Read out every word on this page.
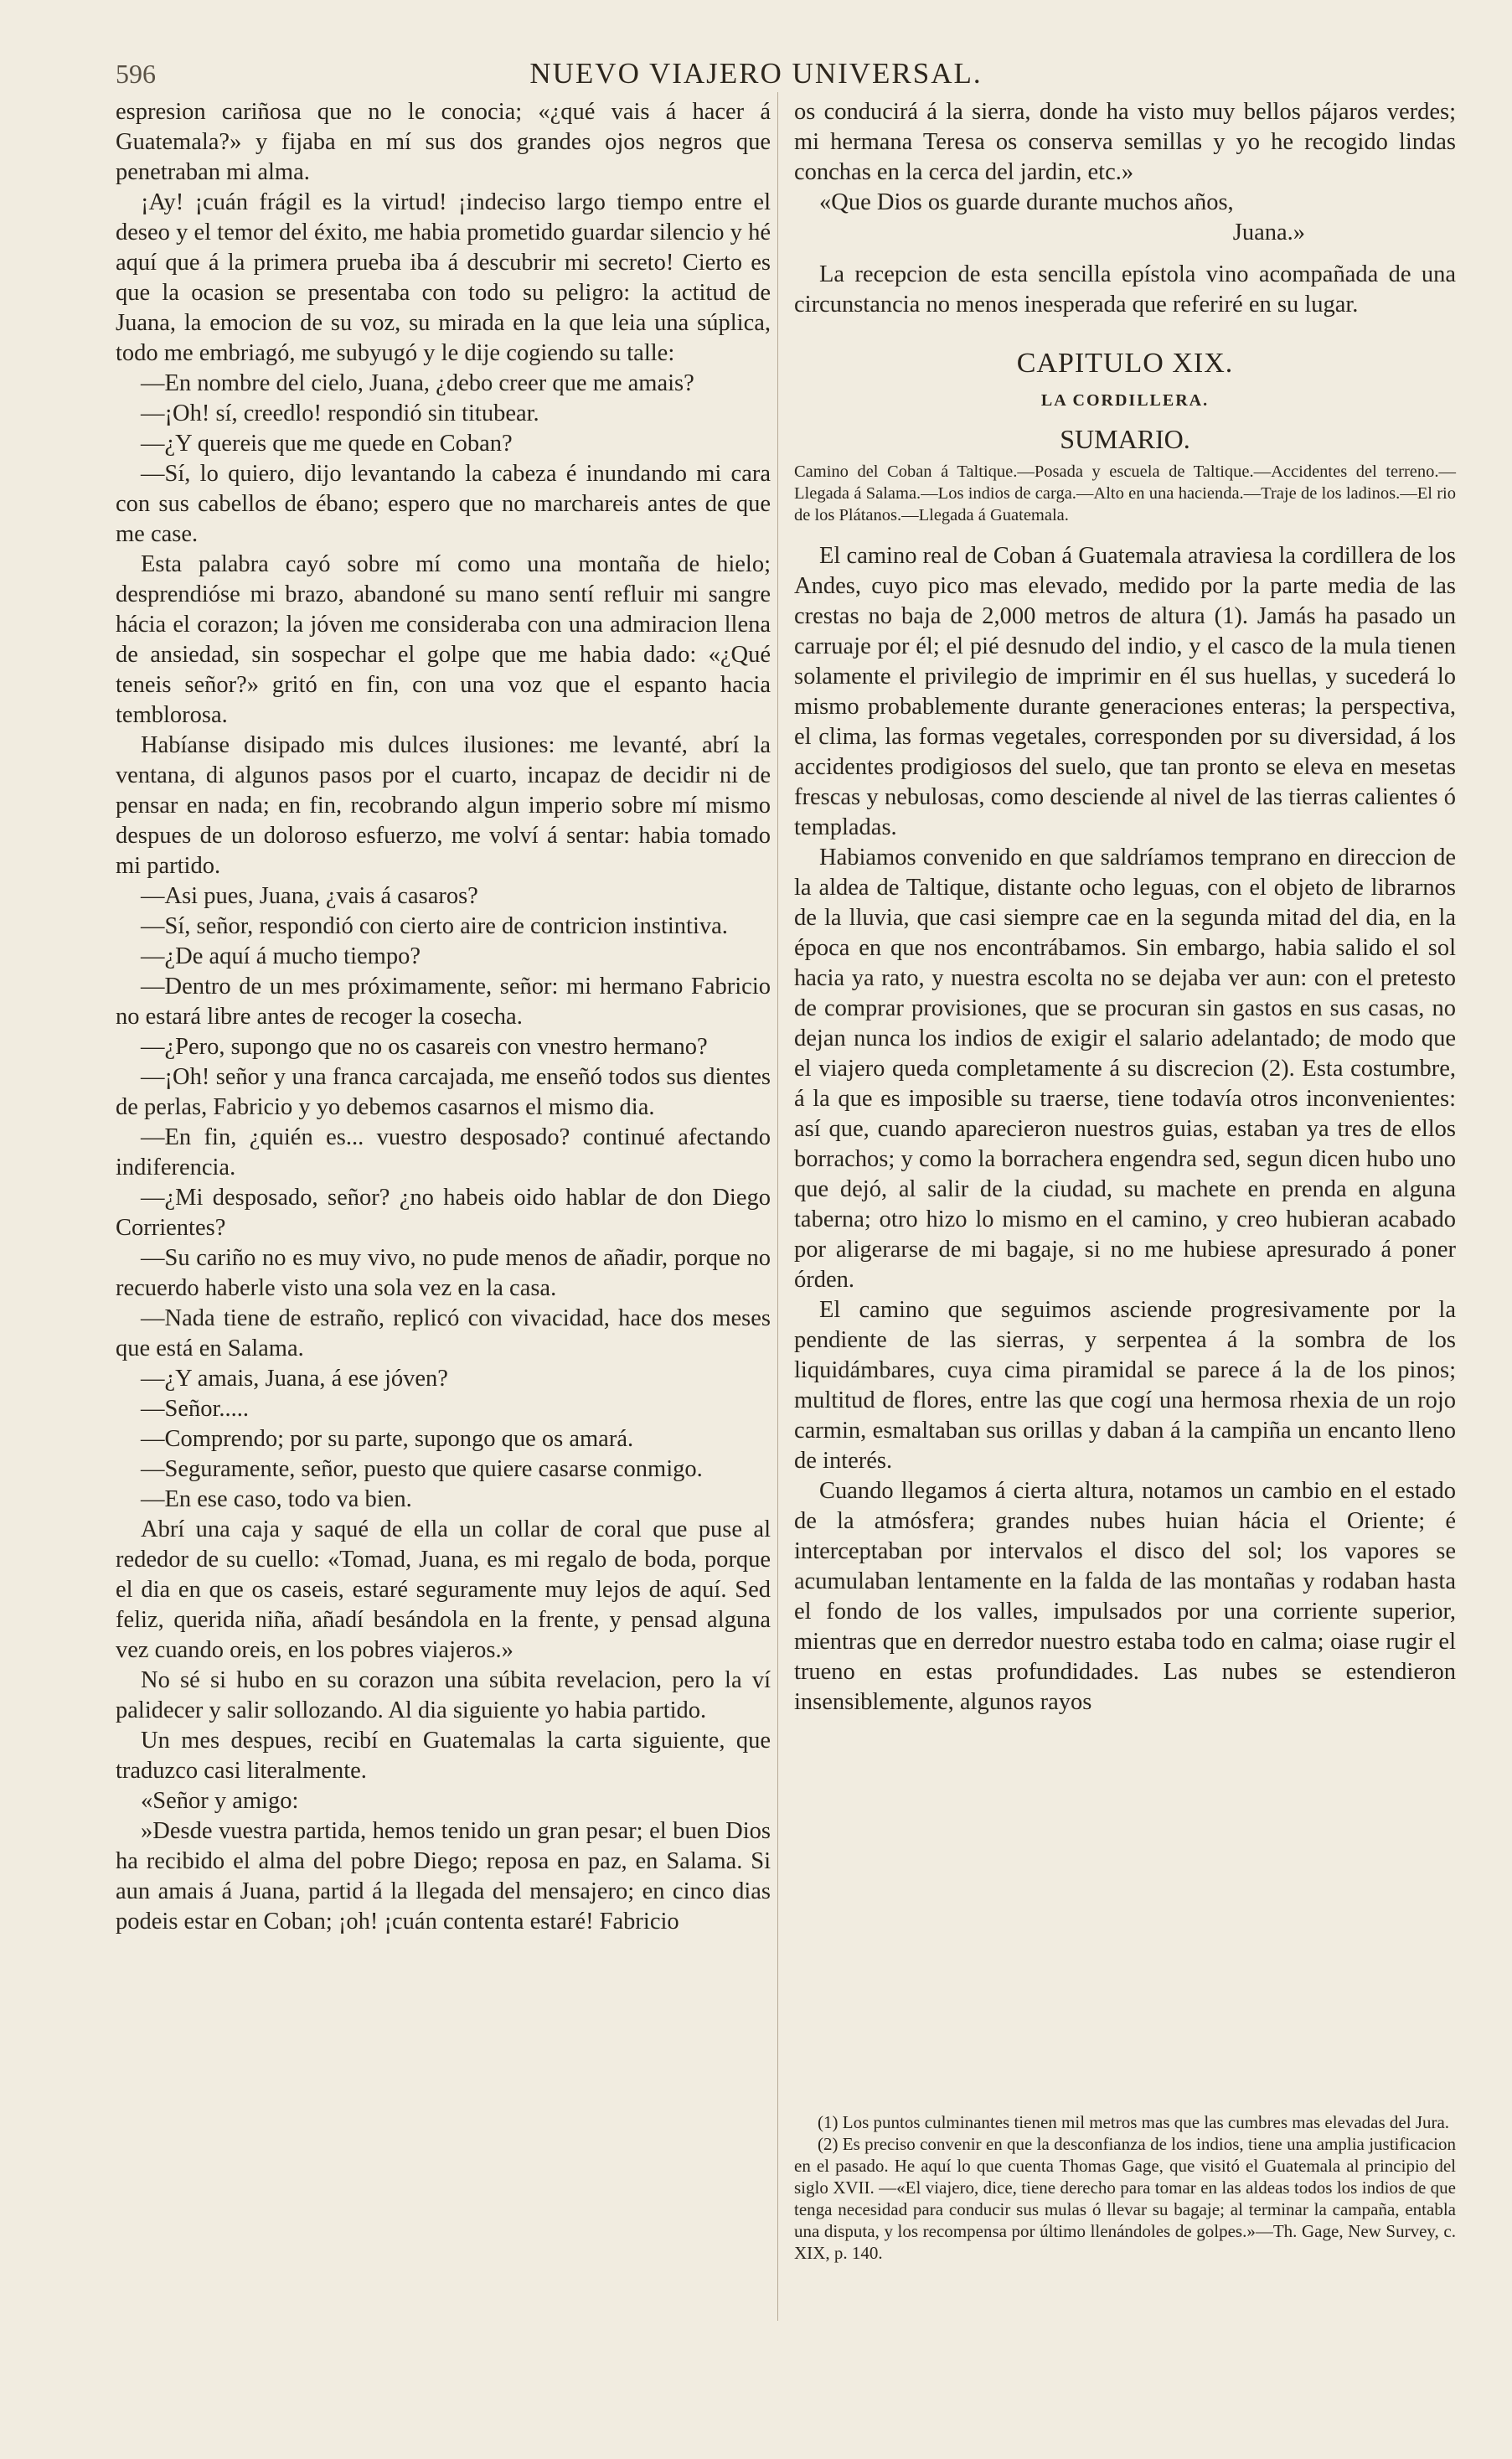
596	NUEVO VIAJERO UNIVERSAL.

espresion cariñosa que no le conocia; «¿qué vais á hacer á Guatemala?» y fijaba en mí sus dos grandes ojos negros que penetraban mi alma.

¡Ay! ¡cuán frágil es la virtud! ¡indeciso largo tiempo entre el deseo y el temor del éxito, me habia prometido guardar silencio y hé aquí que á la primera prueba iba á descubrir mi secreto! Cierto es que la ocasion se presentaba con todo su peligro: la actitud de Juana, la emocion de su voz, su mirada en la que leia una súplica, todo me embriagó, me subyugó y le dije cogiendo su talle:

—En nombre del cielo, Juana, ¿debo creer que me amais?

—¡Oh! sí, creedlo! respondió sin titubear.

—¿Y quereis que me quede en Coban?

—Sí, lo quiero, dijo levantando la cabeza é inundando mi cara con sus cabellos de ébano; espero que no marchareis antes de que me case.

Esta palabra cayó sobre mí como una montaña de hielo; desprendióse mi brazo, abandoné su mano sentí refluir mi sangre hácia el corazon; la jóven me consideraba con una admiracion llena de ansiedad, sin sospechar el golpe que me habia dado: «¿Qué teneis señor?» gritó en fin, con una voz que el espanto hacia temblorosa.

Habíanse disipado mis dulces ilusiones: me levanté, abrí la ventana, di algunos pasos por el cuarto, incapaz de decidir ni de pensar en nada; en fin, recobrando algun imperio sobre mí mismo despues de un doloroso esfuerzo, me volví á sentar: habia tomado mi partido.

—Asi pues, Juana, ¿vais á casaros?

—Sí, señor, respondió con cierto aire de contricion instintiva.

—¿De aquí á mucho tiempo?

—Dentro de un mes próximamente, señor: mi hermano Fabricio no estará libre antes de recoger la cosecha.

—¿Pero, supongo que no os casareis con vnestro hermano?

—¡Oh! señor y una franca carcajada, me enseñó todos sus dientes de perlas, Fabricio y yo debemos casarnos el mismo dia.

—En fin, ¿quién es... vuestro desposado? continué afectando indiferencia.

—¿Mi desposado, señor? ¿no habeis oido hablar de don Diego Corrientes?

—Su cariño no es muy vivo, no pude menos de añadir, porque no recuerdo haberle visto una sola vez en la casa.

—Nada tiene de estraño, replicó con vivacidad, hace dos meses que está en Salama.

—¿Y amais, Juana, á ese jóven?

—Señor.....

—Comprendo; por su parte, supongo que os amará.

—Seguramente, señor, puesto que quiere casarse conmigo.

—En ese caso, todo va bien.

Abrí una caja y saqué de ella un collar de coral que puse al rededor de su cuello: «Tomad, Juana, es mi regalo de boda, porque el dia en que os caseis, estaré seguramente muy lejos de aquí. Sed feliz, querida niña, añadí besándola en la frente, y pensad alguna vez cuando oreis, en los pobres viajeros.»

No sé si hubo en su corazon una súbita revelacion, pero la ví palidecer y salir sollozando. Al dia siguiente yo habia partido.

Un mes despues, recibí en Guatemalas la carta siguiente, que traduzco casi literalmente.

«Señor y amigo:

»Desde vuestra partida, hemos tenido un gran pesar; el buen Dios ha recibido el alma del pobre Diego; reposa en paz, en Salama. Si aun amais á Juana, partid á la llegada del mensajero; en cinco dias podeis estar en Coban; ¡oh! ¡cuán contenta estaré! Fabricio

os conducirá á la sierra, donde ha visto muy bellos pájaros verdes; mi hermana Teresa os conserva semillas y yo he recogido lindas conchas en la cerca del jardin, etc.»

«Que Dios os guarde durante muchos años,

Juana.»

La recepcion de esta sencilla epístola vino acompañada de una circunstancia no menos inesperada que referiré en su lugar.

CAPITULO XIX.
LA CORDILLERA.
SUMARIO.
Camino del Coban á Taltique.—Posada y escuela de Taltique.—Accidentes del terreno.—Llegada á Salama.—Los indios de carga.—Alto en una hacienda.—Traje de los ladinos.—El rio de los Plátanos.—Llegada á Guatemala.

El camino real de Coban á Guatemala atraviesa la cordillera de los Andes, cuyo pico mas elevado, medido por la parte media de las crestas no baja de 2,000 metros de altura (1). Jamás ha pasado un carruaje por él; el pié desnudo del indio, y el casco de la mula tienen solamente el privilegio de imprimir en él sus huellas, y sucederá lo mismo probablemente durante generaciones enteras; la perspectiva, el clima, las formas vegetales, corresponden por su diversidad, á los accidentes prodigiosos del suelo, que tan pronto se eleva en mesetas frescas y nebulosas, como desciende al nivel de las tierras calientes ó templadas.

Habiamos convenido en que saldríamos temprano en direccion de la aldea de Taltique, distante ocho leguas, con el objeto de librarnos de la lluvia, que casi siempre cae en la segunda mitad del dia, en la época en que nos encontrábamos. Sin embargo, habia salido el sol hacia ya rato, y nuestra escolta no se dejaba ver aun: con el pretesto de comprar provisiones, que se procuran sin gastos en sus casas, no dejan nunca los indios de exigir el salario adelantado; de modo que el viajero queda completamente á su discrecion (2). Esta costumbre, á la que es imposible su traerse, tiene todavía otros inconvenientes: así que, cuando aparecieron nuestros guias, estaban ya tres de ellos borrachos; y como la borrachera engendra sed, segun dicen hubo uno que dejó, al salir de la ciudad, su machete en prenda en alguna taberna; otro hizo lo mismo en el camino, y creo hubieran acabado por aligerarse de mi bagaje, si no me hubiese apresurado á poner órden.

El camino que seguimos asciende progresivamente por la pendiente de las sierras, y serpentea á la sombra de los liquidámbares, cuya cima piramidal se parece á la de los pinos; multitud de flores, entre las que cogí una hermosa rhexia de un rojo carmin, esmaltaban sus orillas y daban á la campiña un encanto lleno de interés.

Cuando llegamos á cierta altura, notamos un cambio en el estado de la atmósfera; grandes nubes huian hácia el Oriente; é interceptaban por intervalos el disco del sol; los vapores se acumulaban lentamente en la falda de las montañas y rodaban hasta el fondo de los valles, impulsados por una corriente superior, mientras que en derredor nuestro estaba todo en calma; oiase rugir el trueno en estas profundidades. Las nubes se estendieron insensiblemente, algunos rayos

(1) Los puntos culminantes tienen mil metros mas que las cumbres mas elevadas del Jura.

(2) Es preciso convenir en que la desconfianza de los indios, tiene una amplia justificacion en el pasado. He aquí lo que cuenta Thomas Gage, que visitó el Guatemala al principio del siglo XVII. —«El viajero, dice, tiene derecho para tomar en las aldeas todos los indios de que tenga necesidad para conducir sus mulas ó llevar su bagaje; al terminar la campaña, entabla una disputa, y los recompensa por último llenándoles de golpes.»—Th. Gage, New Survey, c. XIX, p. 140.
